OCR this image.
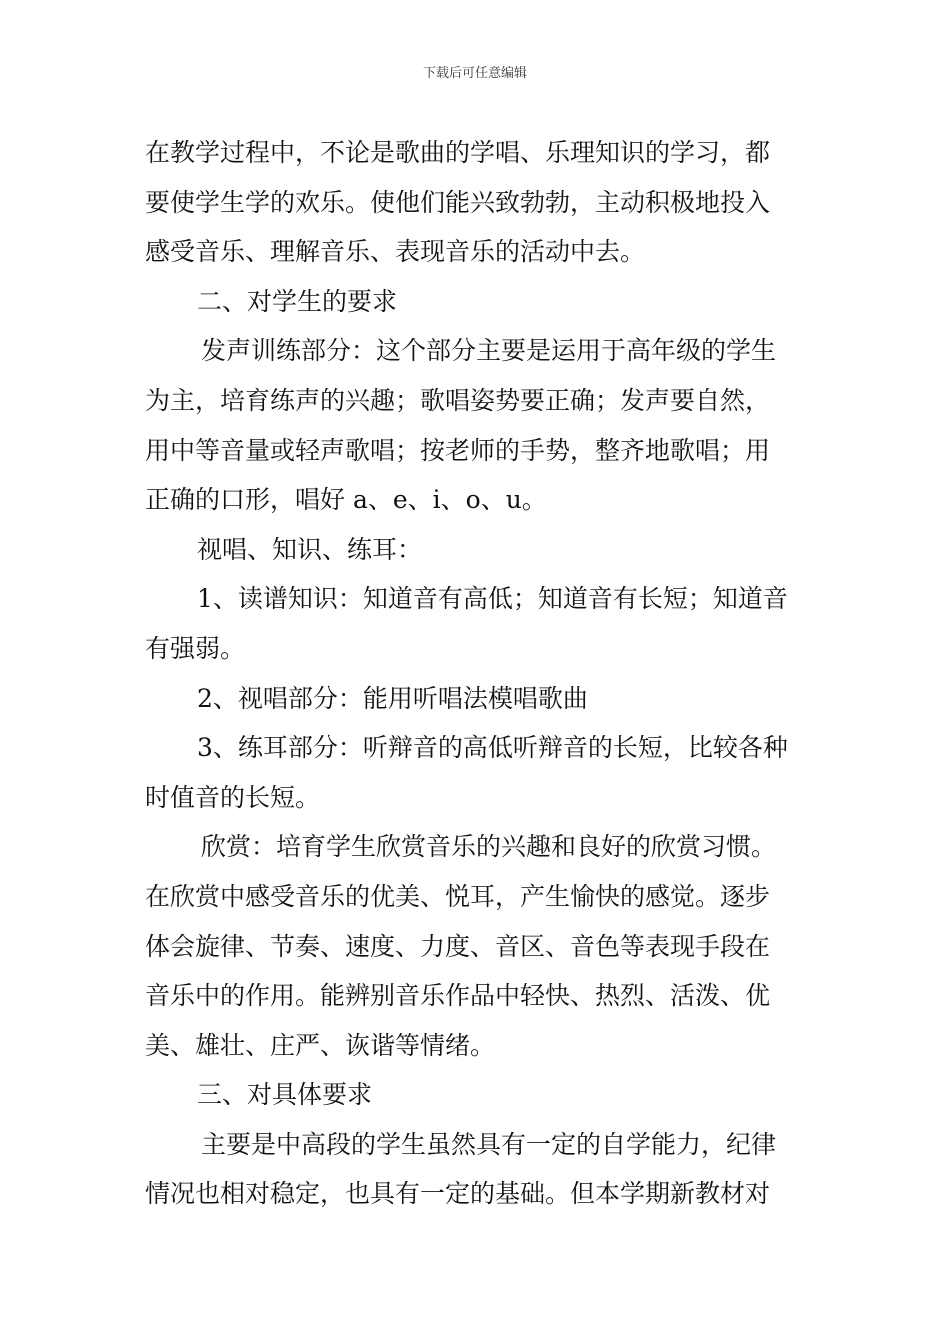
下载后可任意编辑
在教学过程中，不论是歌曲的学唱、乐理知识的学习，都
要使学生学的欢乐。使他们能兴致勃勃，主动积极地投入
感受音乐、理解音乐、表现音乐的活动中去。
二、对学生的要求
发声训练部分：这个部分主要是运用于高年级的学生
为主，培育练声的兴趣；歌唱姿势要正确；发声要自然，
用中等音量或轻声歌唱；按老师的手势，整齐地歌唱；用
正确的口形，唱好 a、e、i、o、u。
视唱、知识、练耳：
1、读谱知识：知道音有高低；知道音有长短；知道音
有强弱。
2、视唱部分：能用听唱法模唱歌曲
3、练耳部分：听辩音的高低听辩音的长短，比较各种
时值音的长短。
欣赏：培育学生欣赏音乐的兴趣和良好的欣赏习惯。
在欣赏中感受音乐的优美、悦耳，产生愉快的感觉。逐步
体会旋律、节奏、速度、力度、音区、音色等表现手段在
音乐中的作用。能辨别音乐作品中轻快、热烈、活泼、优
美、雄壮、庄严、诙谐等情绪。
三、对具体要求
主要是中高段的学生虽然具有一定的自学能力，纪律
情况也相对稳定，也具有一定的基础。但本学期新教材对
